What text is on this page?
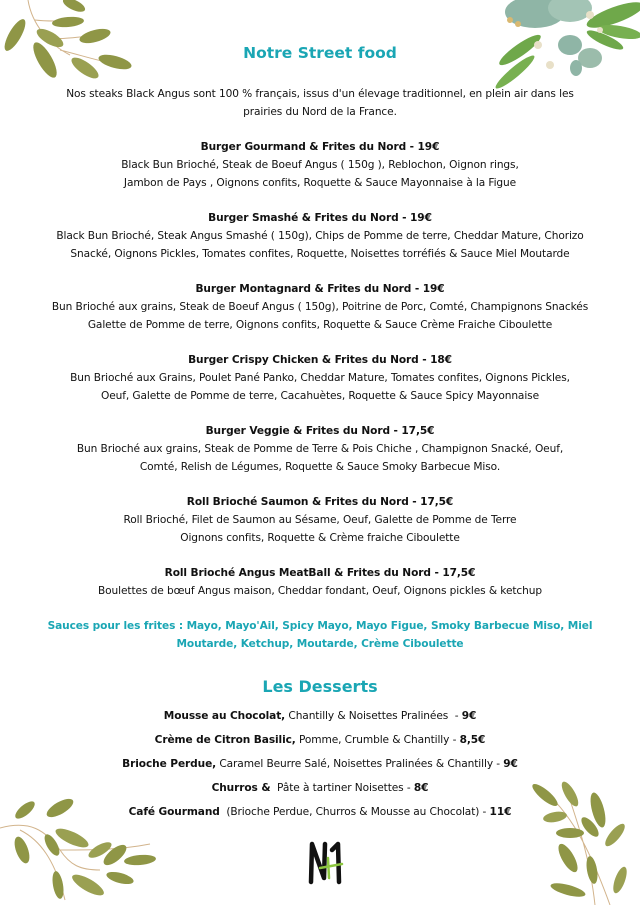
Notre Street food
Nos steaks Black Angus sont 100 % français, issus d'un élevage traditionnel, en plein air dans les
prairies du Nord de la France.
Burger Gourmand & Frites du Nord - 19€
Black Bun Brioché, Steak de Boeuf Angus ( 150g ), Reblochon, Oignon rings,
Jambon de Pays , Oignons confits, Roquette & Sauce Mayonnaise à la Figue
Burger Smashé & Frites du Nord - 19€
Black Bun Brioché, Steak Angus Smashé ( 150g), Chips de Pomme de terre, Cheddar Mature, Chorizo
Snacké, Oignons Pickles, Tomates confites, Roquette, Noisettes torréfiés & Sauce Miel Moutarde
Burger Montagnard & Frites du Nord - 19€
Bun Brioché aux grains, Steak de Boeuf Angus ( 150g), Poitrine de Porc, Comté, Champignons Snackés
Galette de Pomme de terre, Oignons confits, Roquette & Sauce Crème Fraiche Ciboulette
Burger Crispy Chicken & Frites du Nord - 18€
Bun Brioché aux Grains, Poulet Pané Panko, Cheddar Mature, Tomates confites, Oignons Pickles,
Oeuf, Galette de Pomme de terre, Cacahuètes, Roquette & Sauce Spicy Mayonnaise
Burger Veggie & Frites du Nord - 17,5€
Bun Brioché aux grains, Steak de Pomme de Terre & Pois Chiche , Champignon Snacké, Oeuf,
Comté, Relish de Légumes, Roquette & Sauce Smoky Barbecue Miso.
Roll Brioché Saumon & Frites du Nord - 17,5€
Roll Brioché, Filet de Saumon au Sésame, Oeuf, Galette de Pomme de Terre
Oignons confits, Roquette & Crème fraiche Ciboulette
Roll Brioché Angus MeatBall & Frites du Nord - 17,5€
Boulettes de bœuf Angus maison, Cheddar fondant, Oeuf, Oignons pickles & ketchup
Sauces pour les frites : Mayo, Mayo'Ail, Spicy Mayo, Mayo Figue, Smoky Barbecue Miso, Miel
Moutarde, Ketchup, Moutarde, Crème Ciboulette
Les Desserts
Mousse au Chocolat, Chantilly & Noisettes Pralinées  - 9€
Crème de Citron Basilic, Pomme, Crumble & Chantilly - 8,5€
Brioche Perdue, Caramel Beurre Salé, Noisettes Pralinées & Chantilly - 9€
Churros &  Pâte à tartiner Noisettes - 8€
Café Gourmand  (Brioche Perdue, Churros & Mousse au Chocolat) - 11€
